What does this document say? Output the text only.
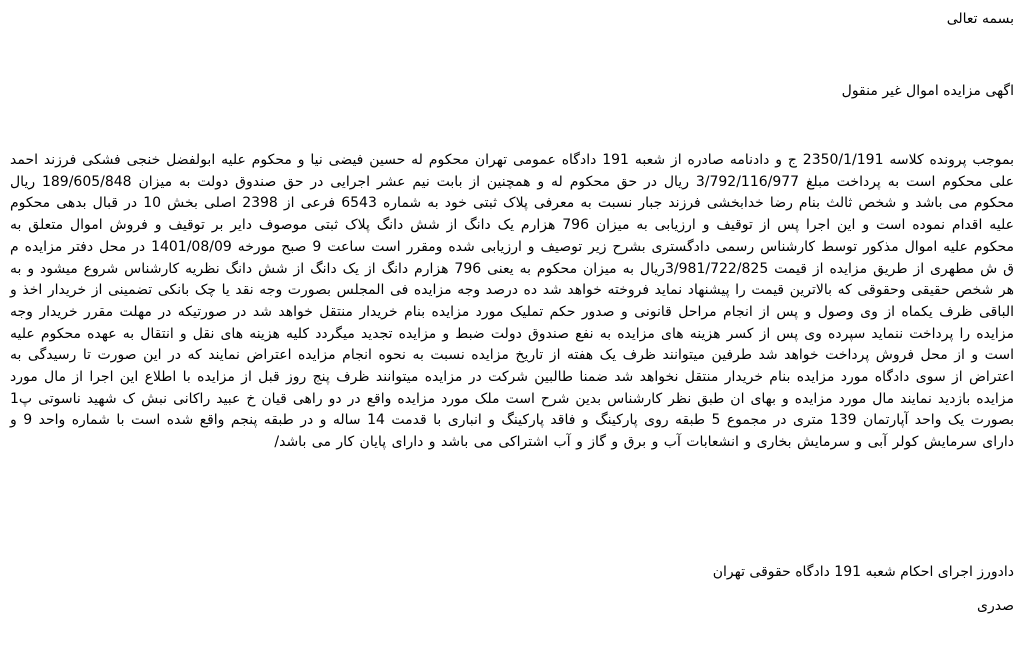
بسمه تعالی
اگهی مزایده اموال غیر منقول
بموجب پرونده کلاسه 2350/1/191 ج و دادنامه صادره از شعبه 191 دادگاه عمومی تهران محکوم له حسین فیضی نیا و محکوم علیه ابولفضل خنجی فشکی فرزند احمد علی محکوم است به پرداخت مبلغ 3/792/116/977 ریال در حق محکوم له و همچنین از بابت نیم عشر اجرایی در حق صندوق دولت به میزان 189/605/848 ریال محکوم می باشد و شخص ثالث بنام رضا خدابخشی فرزند جبار نسبت به معرفی پلاک ثبتی خود به شماره 6543 فرعی از 2398 اصلی بخش 10 در قبال بدهی محکوم علیه اقدام نموده است و این اجرا پس از توقیف و ارزیابی به میزان 796 هزارم یک دانگ از شش دانگ پلاک ثبتی موصوف دایر بر توقیف و فروش اموال متعلق به محکوم علیه اموال مذکور توسط کارشناس رسمی دادگستری بشرح زیر توصیف و ارزیابی شده ومقرر است ساعت 9 صبح مورخه 1401/08/09 در محل دفتر مزایده م ق ش مطهری از طریق مزایده از قیمت 3/981/722/825ریال به میزان محکوم به یعنی 796 هزارم دانگ از یک دانگ از شش دانگ نظریه کارشناس شروع میشود و به هر شخص حقیقی وحقوقی که بالاترین قیمت را پیشنهاد نماید فروخته خواهد شد ده درصد وجه مزایده فی المجلس بصورت وجه نقد یا چک بانکی تضمینی از خریدار اخذ و الباقی ظرف یکماه از وی وصول و پس از انجام مراحل قانونی و صدور حکم تملیک مورد مزایده بنام خریدار منتقل خواهد شد در صورتیکه در مهلت مقرر خریدار وجه مزایده را پرداخت ننماید سپرده وی پس از کسر هزینه های مزایده به نفع صندوق دولت ضبط و مزایده تجدید میگردد کلیه هزینه های نقل و انتقال به عهده محکوم علیه است و از محل فروش پرداخت خواهد شد طرفین میتوانند ظرف یک هفته از تاریخ مزایده نسبت به نحوه انجام مزایده اعتراض نمایند که در این صورت تا رسیدگی به اعتراض از سوی دادگاه مورد مزایده بنام خریدار منتقل نخواهد شد ضمنا طالبین شرکت در مزایده میتوانند ظرف پنج روز قبل از مزایده با اطلاع این اجرا از مال مورد مزایده بازدید نمایند مال مورد مزایده و بهای ان طبق نظر کارشناس بدین شرح است ملک مورد مزایده واقع در دو راهی قیان خ عبید راکانی نبش ک شهید ناسوتی پ1 بصورت یک واحد آپارتمان 139 متری در مجموع 5 طبقه روی پارکینگ و فاقد پارکینگ و انباری با قدمت 14 ساله و در طبقه پنجم واقع شده است با شماره واحد 9 و دارای سرمایش کولر آبی و سرمایش بخاری و انشعابات آب و برق و گاز و آب اشتراکی می باشد و دارای پایان کار می باشد/
دادورز اجرای احکام شعبه 191 دادگاه حقوقی تهران
صدری
